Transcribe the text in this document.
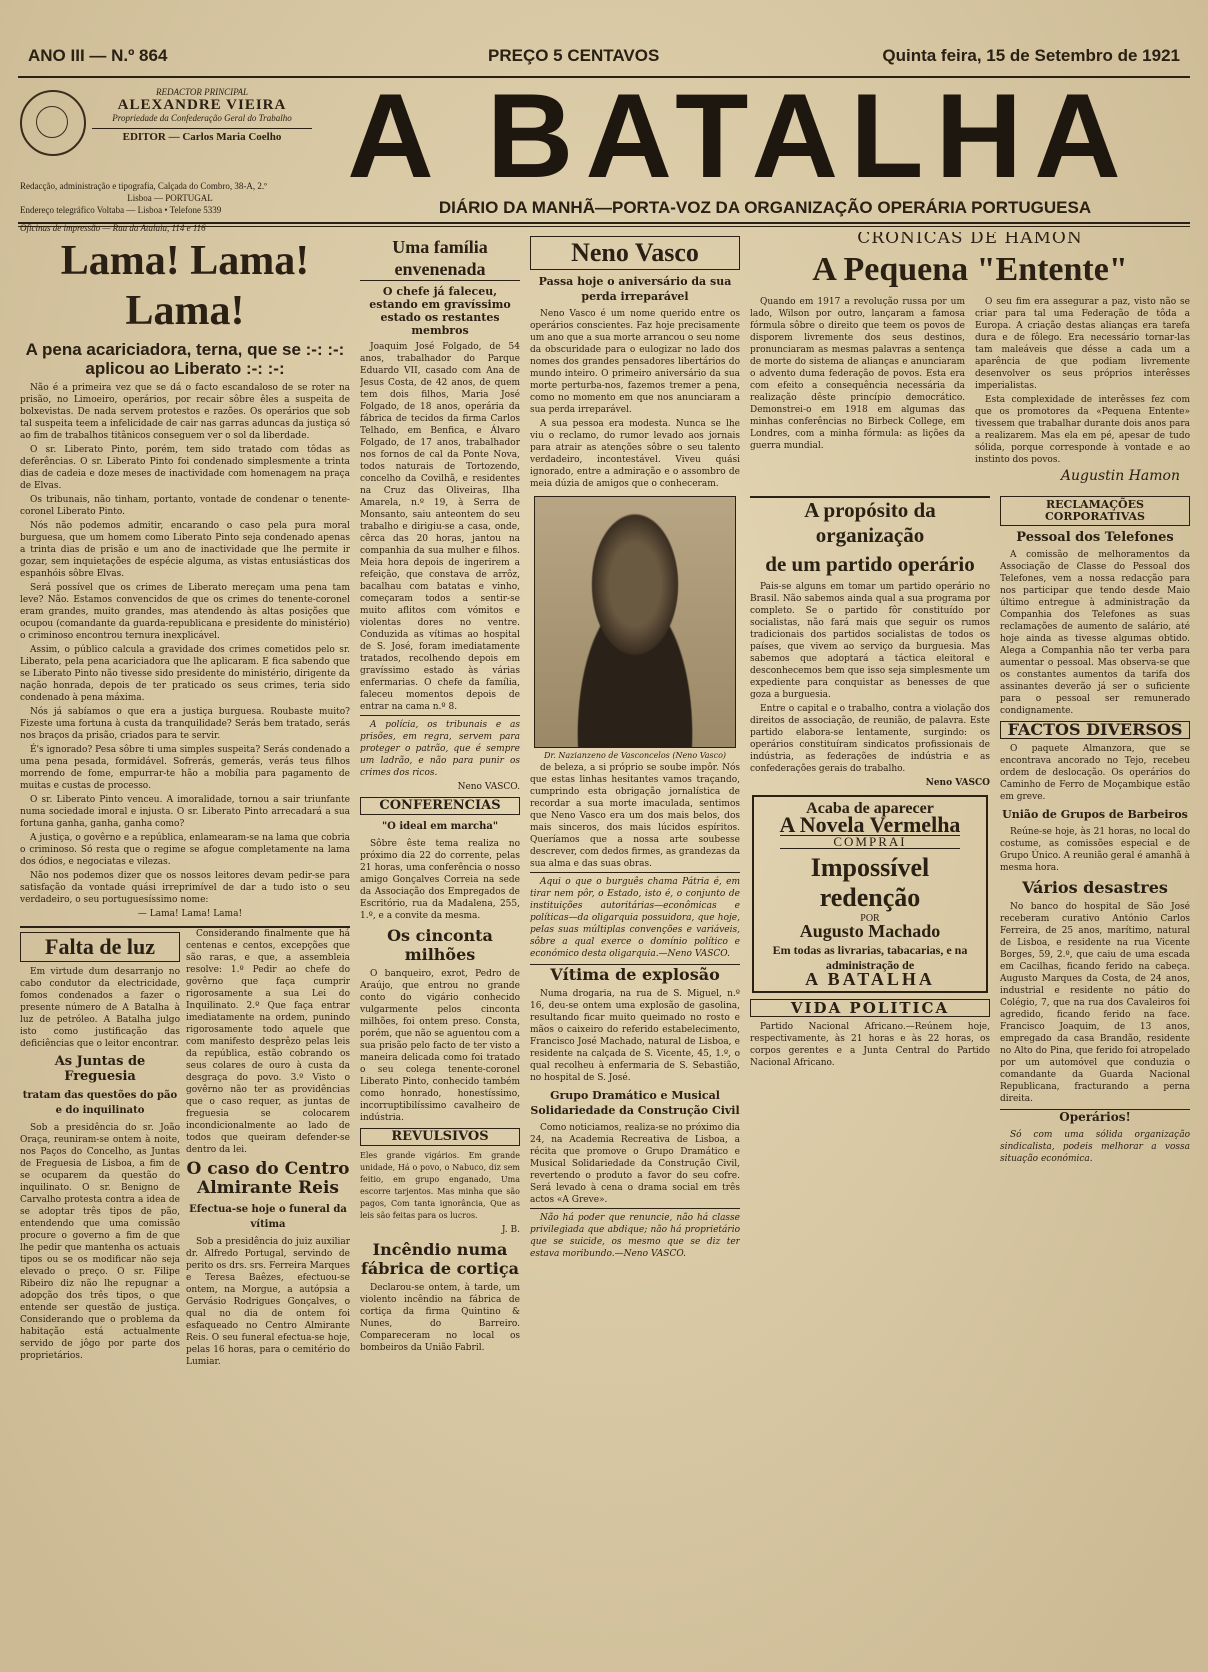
ANO III — N.º 864	PREÇO 5 CENTAVOS	Quinta feira, 15 de Setembro de 1921
REDACTOR PRINCIPAL
ALEXANDRE VIEIRA
Propriedade da Confederação Geral do Trabalho
EDITOR — Carlos Maria Coelho
Redacção, administração e tipografia, Calçada do Combro, 38-A, 2.º
Lisboa — PORTUGAL
Endereço telegráfico Voltaba — Lisboa • Telefone 5339
Oficinas de impressão — Rua da Atalaia, 114 e 116
A BATALHA
DIÁRIO DA MANHÃ—PORTA-VOZ DA ORGANIZAÇÃO OPERÁRIA PORTUGUESA
Lama! Lama! Lama!
A pena acariciadora, terna, que se :-: :-: aplicou ao Liberato :-: :-:

Não é a primeira vez que se dá o facto escandaloso de se roter na prisão, no Limoeiro, operários, por recair sôbre êles a suspeita de bolxevistas. De nada servem protestos e razões. Os operários que sob tal suspeita teem a infelicidade de cair nas garras aduncas da justiça só ao fim de trabalhos titânicos conseguem ver o sol da liberdade.

O sr. Liberato Pinto, porém, tem sido tratado com tôdas as deferências. O sr. Liberato Pinto foi condenado simplesmente a trinta dias de cadeia e doze meses de inactividade com homenagem na praça de Elvas.

Os tribunais, não tinham, portanto, vontade de condenar o tenente-coronel Liberato Pinto.

Nós não podemos admitir, encarando o caso pela pura moral burguesa, que um homem como Liberato Pinto seja condenado apenas a trinta dias de prisão e um ano de inactividade que lhe permite ir gozar, sem inquietações de espécie alguma, as vistas entusiásticas dos espanhóis sôbre Elvas.

Será possível que os crimes de Liberato mereçam uma pena tam leve? Não. Estamos convencidos de que os crimes do tenente-coronel eram grandes, muito grandes, mas atendendo às altas posições que ocupou (comandante da guarda-republicana e presidente do ministério) o criminoso encontrou ternura inexplicável.

Assim, o público calcula a gravidade dos crimes cometidos pelo sr. Liberato, pela pena acariciadora que lhe aplicaram. E fica sabendo que se Liberato Pinto não tivesse sido presidente do ministério, dirigente da nação honrada, depois de ter praticado os seus crimes, teria sido condenado à pena máxima.

Nós já sabíamos o que era a justiça burguesa. Roubaste muito? Fizeste uma fortuna à custa da tranquilidade? Serás bem tratado, serás nos braços da prisão, criados para te servir.

É's ignorado? Pesa sôbre ti uma simples suspeita? Serás condenado a uma pena pesada, formidável. Sofrerás, gemerás, verás teus filhos morrendo de fome, empurrar-te hão a mobília para pagamento de muitas e custas de processo.

O sr. Liberato Pinto venceu. A imoralidade, tornou a sair triunfante numa sociedade imoral e injusta. O sr. Liberato Pinto arrecadará a sua fortuna ganha, ganha, ganha como?

A justiça, o govêrno e a república, enlamearam-se na lama que cobria o criminoso. Só resta que o regime se afogue completamente na lama dos ódios, e negociatas e vilezas.

Não nos podemos dizer que os nossos leitores devam pedir-se para satisfação da vontade quási irreprimível de dar a tudo isto o seu verdadeiro, o seu portuguesíssimo nome:

— Lama! Lama! Lama!

Falta de luz

Em virtude dum desarranjo no cabo condutor da electricidade, fomos condenados a fazer o presente número de A Batalha à luz de petróleo. A Batalha julgo isto como justificação das deficiências que o leitor encontrar.

As Juntas de Freguesia
tratam das questões do pão e do inquilinato

Sob a presidência do sr. João Oraça, reuniram-se ontem à noite, nos Paços do Concelho, as Juntas de Freguesia de Lisboa, a fim de se ocuparem da questão do inquilinato. O sr. Benigno de Carvalho protesta contra a idea de se adoptar três tipos de pão, entendendo que uma comissão procure o governo a fim de que lhe pedir que mantenha os actuais tipos ou se os modificar não seja elevado o preço. O sr. Filipe Ribeiro diz não lhe repugnar a adopção dos três tipos, o que entende ser questão de justiça. Considerando que o problema da habitação está actualmente servido de jôgo por parte dos proprietários.

Considerando finalmente que há centenas e centos, excepções que são raras, e que, a assembleia resolve: 1.º Pedir ao chefe do govêrno que faça cumprir rigorosamente a sua Lei do Inquilinato. 2.º Que faça entrar imediatamente na ordem, punindo rigorosamente todo aquele que com manifesto desprêzo pelas leis da república, estão cobrando os seus colares de ouro à custa da desgraça do povo. 3.º Visto o govêrno não ter as providências que o caso requer, as juntas de freguesia se colocarem incondicionalmente ao lado de todos que queiram defender-se dentro da lei.

O caso do Centro Almirante Reis
Efectua-se hoje o funeral da vítima

Sob a presidência do juiz auxiliar dr. Alfredo Portugal, servindo de perito os drs. srs. Ferreira Marques e Teresa Baêzes, efectuou-se ontem, na Morgue, a autópsia a Gervásio Rodrigues Gonçalves, o qual no dia de ontem foi esfaqueado no Centro Almirante Reis. O seu funeral efectua-se hoje, pelas 16 horas, para o cemitério do Lumiar.

Uma família envenenada
O chefe já faleceu, estando em gravíssimo estado os restantes membros

Joaquim José Folgado, de 54 anos, trabalhador do Parque Eduardo VII, casado com Ana de Jesus Costa, de 42 anos, de quem tem dois filhos, Maria José Folgado, de 18 anos, operária da fábrica de tecidos da firma Carlos Telhado, em Benfica, e Álvaro Folgado, de 17 anos, trabalhador nos fornos de cal da Ponte Nova, todos naturais de Tortozendo, concelho da Covilhã, e residentes na Cruz das Oliveiras, Ilha Amarela, n.º 19, à Serra de Monsanto, saiu anteontem do seu trabalho e dirigiu-se a casa, onde, cêrca das 20 horas, jantou na companhia da sua mulher e filhos. Meia hora depois de ingerirem a refeição, que constava de arrôz, bacalhau com batatas e vinho, começaram todos a sentir-se muito aflitos com vómitos e violentas dores no ventre. Conduzida as vítimas ao hospital de S. José, foram imediatamente tratados, recolhendo depois em gravíssimo estado às várias enfermarias. O chefe da família, faleceu momentos depois de entrar na cama n.º 8.

A polícia, os tribunais e as prisões, em regra, servem para proteger o patrão, que é sempre um ladrão, e não para punir os crimes dos ricos.

Neno VASCO.

CONFERENCIAS
"O ideal em marcha"

Sôbre êste tema realiza no próximo dia 22 do corrente, pelas 21 horas, uma conferência o nosso amigo Gonçalves Correia na sede da Associação dos Empregados de Escritório, rua da Madalena, 255, 1.º, e a convite da mesma.

Os cinconta milhões

O banqueiro, exrot, Pedro de Araújo, que entrou no grande conto do vigário conhecido vulgarmente pelos cinconta milhões, foi ontem preso. Consta, porém, que não se aguentou com a sua prisão pelo facto de ter visto a maneira delicada como foi tratado o seu colega tenente-coronel Liberato Pinto, conhecido também como honrado, honestíssimo, incorruptibilíssimo cavalheiro de indústria.

REVULSIVOS

Eles grande vigários. Em grande unidade, Há o povo, o Nabuco, diz sem feitio, em grupo enganado, Uma escorre tarjentos. Mas minha que são pagos, Com tanta ignorância, Que as leis são feitas para os lucros.

J. B.

Incêndio numa fábrica de cortiça

Declarou-se ontem, à tarde, um violento incêndio na fábrica de cortiça da firma Quintino & Nunes, do Barreiro. Compareceram no local os bombeiros da União Fabril.

Neno Vasco
Passa hoje o aniversário da sua perda irreparável

Neno Vasco é um nome querido entre os operários conscientes. Faz hoje precisamente um ano que a sua morte arrancou o seu nome da obscuridade para o eulogizar no lado dos nomes dos grandes pensadores libertários do mundo inteiro. O primeiro aniversário da sua morte perturba-nos, fazemos tremer a pena, como no momento em que nos anunciaram a sua perda irreparável.

A sua pessoa era modesta. Nunca se lhe viu o reclamo, do rumor levado aos jornais para atrair as atenções sôbre o seu talento verdadeiro, incontestável. Viveu quási ignorado, entre a admiração e o assombro de meia dúzia de amigos que o conheceram.

Dr. Nazianzeno de Vasconcelos (Neno Vasco)

de beleza, a si próprio se soube impôr. Nós que estas linhas hesitantes vamos traçando, cumprindo esta obrigação jornalística de recordar a sua morte imaculada, sentimos que Neno Vasco era um dos mais belos, dos mais sinceros, dos mais lúcidos espíritos. Queríamos que a nossa arte soubesse descrever, com dedos firmes, as grandezas da sua alma e das suas obras.

Aqui o que o burguês chama Pátria é, em tirar nem pôr, o Estado, isto é, o conjunto de instituições autoritárias—econômicas e políticas—da oligarquia possuidora, que hoje, pelas suas múltiplas convenções e variáveis, sôbre a qual exerce o domínio político e económico desta oligarquia.—Neno VASCO.

Vítima de explosão

Numa drogaria, na rua de S. Miguel, n.º 16, deu-se ontem uma explosão de gasolina, resultando ficar muito queimado no rosto e mãos o caixeiro do referido estabelecimento, Francisco José Machado, natural de Lisboa, e residente na calçada de S. Vicente, 45, 1.º, o qual recolheu à enfermaria de S. Sebastião, no hospital de S. José.

Grupo Dramático e Musical Solidariedade da Construção Civil

Como noticiamos, realiza-se no próximo dia 24, na Academia Recreativa de Lisboa, a récita que promove o Grupo Dramático e Musical Solidariedade da Construção Civil, revertendo o produto a favor do seu cofre. Será levado à cena o drama social em três actos «A Greve».

Não há poder que renuncie, não há classe privilegiada que abdique; não há proprietário que se suicide, os mesmo que se diz ter estava moribundo.—Neno VASCO.

CRONICAS DE HAMON
A Pequena "Entente"

Quando em 1917 a revolução russa por um lado, Wilson por outro, lançaram a famosa fórmula sôbre o direito que teem os povos de disporem livremente dos seus destinos, pronunciaram as mesmas palavras a sentença de morte do sistema de alianças e anunciaram o advento duma federação de povos. Esta era com efeito a consequência necessária da realização dêste princípio democrático. Demonstrei-o em 1918 em algumas das minhas conferências no Birbeck College, em Londres, com a minha fórmula: as lições da guerra mundial.

O seu fim era assegurar a paz, visto não se criar para tal uma Federação de tôda a Europa. A criação destas alianças era tarefa dura e de fôlego. Era necessário tornar-las tam maleáveis que désse a cada um a aparência de que podiam livremente desenvolver os seus próprios interêsses imperialistas.

Esta complexidade de interêsses fez com que os promotores da «Pequena Entente» tivessem que trabalhar durante dois anos para a realizarem. Mas ela em pé, apesar de tudo sólida, porque corresponde à vontade e ao instinto dos povos.

Augustin Hamon
A propósito da organização
de um partido operário

Pais-se alguns em tomar um partido operário no Brasil. Não sabemos ainda qual a sua programa por completo. Se o partido fôr constituído por socialistas, não fará mais que seguir os rumos tradicionais dos partidos socialistas de todos os países, que vivem ao serviço da burguesia. Mas sabemos que adoptará a táctica eleitoral e desconhecemos bem que isso seja simplesmente um expediente para conquistar as benesses de que goza a burguesia.

Entre o capital e o trabalho, contra a violação dos direitos de associação, de reunião, de palavra. Este partido elabora-se lentamente, surgindo: os operários constituíram sindicatos profissionais de indústria, as federações de indústria e as confederações gerais do trabalho.

Neno VASCO

Acaba de aparecer
A Novela Vermelha
COMPRAI
Impossível redenção
POR
Augusto Machado
Em todas as livrarias, tabacarias, e na administração de
A BATALHA
VIDA POLITICA

Partido Nacional Africano.—Reúnem hoje, respectivamente, às 21 horas e às 22 horas, os corpos gerentes e a Junta Central do Partido Nacional Africano.

RECLAMAÇÕES CORPORATIVAS
Pessoal dos Telefones

A comissão de melhoramentos da Associação de Classe do Pessoal dos Telefones, vem a nossa redacção para nos participar que tendo desde Maio último entregue à administração da Companhia dos Telefones as suas reclamações de aumento de salário, até hoje ainda as tivesse algumas obtido. Alega a Companhia não ter verba para aumentar o pessoal. Mas observa-se que os constantes aumentos da tarifa dos assinantes deverão já ser o suficiente para o pessoal ser remunerado condignamente.

FACTOS DIVERSOS

O paquete Almanzora, que se encontrava ancorado no Tejo, recebeu ordem de deslocação. Os operários do Caminho de Ferro de Moçambique estão em greve.

União de Grupos de Barbeiros

Reúne-se hoje, às 21 horas, no local do costume, as comissões especial e de Grupo Único. A reunião geral é amanhã à mesma hora.

Vários desastres

No banco do hospital de São José receberam curativo António Carlos Ferreira, de 25 anos, marítimo, natural de Lisboa, e residente na rua Vicente Borges, 59, 2.º, que caiu de uma escada em Cacilhas, ficando ferido na cabeça. Augusto Marques da Costa, de 24 anos, industrial e residente no pátio do Colégio, 7, que na rua dos Cavaleiros foi agredido, ficando ferido na face. Francisco Joaquim, de 13 anos, empregado da casa Brandão, residente no Alto do Pina, que ferido foi atropelado por um automóvel que conduzia o comandante da Guarda Nacional Republicana, fracturando a perna direita.

Operários!

Só com uma sólida organização sindicalista, podeis melhorar a vossa situação económica.
